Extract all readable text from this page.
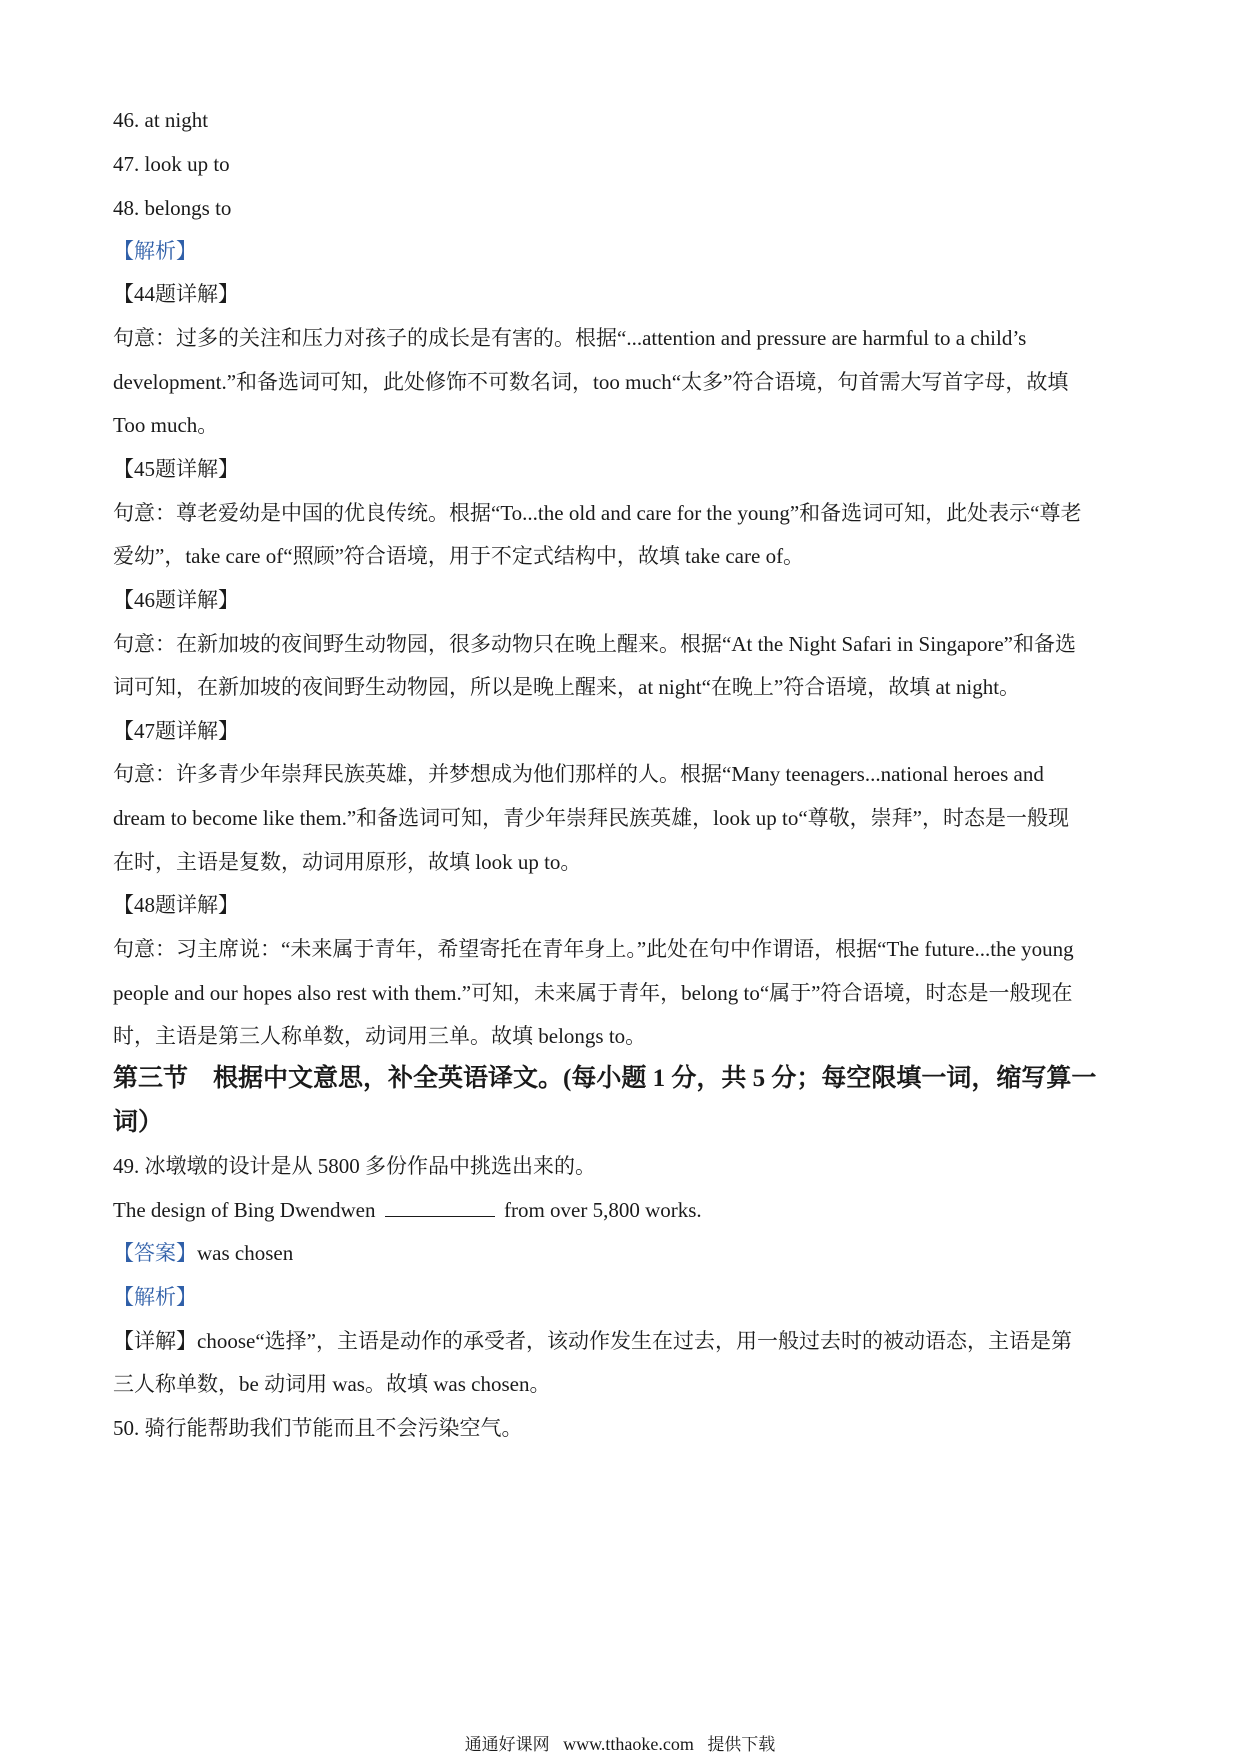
46. at night
47. look up to
48. belongs to
【解析】
【44题详解】
句意：过多的关注和压力对孩子的成长是有害的。根据“...attention and pressure are harmful to a child’s
development.”和备选词可知，此处修饰不可数名词，too much“太多”符合语境，句首需大写首字母，故填
Too much。
【45题详解】
句意：尊老爱幼是中国的优良传统。根据“To...the old and care for the young”和备选词可知，此处表示“尊老
爱幼”，take care of“照顾”符合语境，用于不定式结构中，故填 take care of。
【46题详解】
句意：在新加坡的夜间野生动物园，很多动物只在晚上醒来。根据“At the Night Safari in Singapore”和备选
词可知，在新加坡的夜间野生动物园，所以是晚上醒来，at night“在晚上”符合语境，故填 at night。
【47题详解】
句意：许多青少年崇拜民族英雄，并梦想成为他们那样的人。根据“Many teenagers...national heroes and
dream to become like them.”和备选词可知，青少年崇拜民族英雄，look up to“尊敬，崇拜”，时态是一般现
在时，主语是复数，动词用原形，故填 look up to。
【48题详解】
句意：习主席说：“未来属于青年，希望寄托在青年身上。”此处在句中作谓语，根据“The future...the young
people and our hopes also rest with them.”可知，未来属于青年，belong to“属于”符合语境，时态是一般现在
时，主语是第三人称单数，动词用三单。故填 belongs to。
第三节　根据中文意思，补全英语译文。(每小题 1 分，共 5 分；每空限填一词，缩写算一
词）
49. 冰墩墩的设计是从 5800 多份作品中挑选出来的。
The design of Bing Dwendwen	from over 5,800 works.
【答案】was chosen
【解析】
【详解】choose“选择”，主语是动作的承受者，该动作发生在过去，用一般过去时的被动语态，主语是第
三人称单数，be 动词用 was。故填 was chosen。
50. 骑行能帮助我们节能而且不会污染空气。
通通好课网 www.tthaoke.com 提供下载
